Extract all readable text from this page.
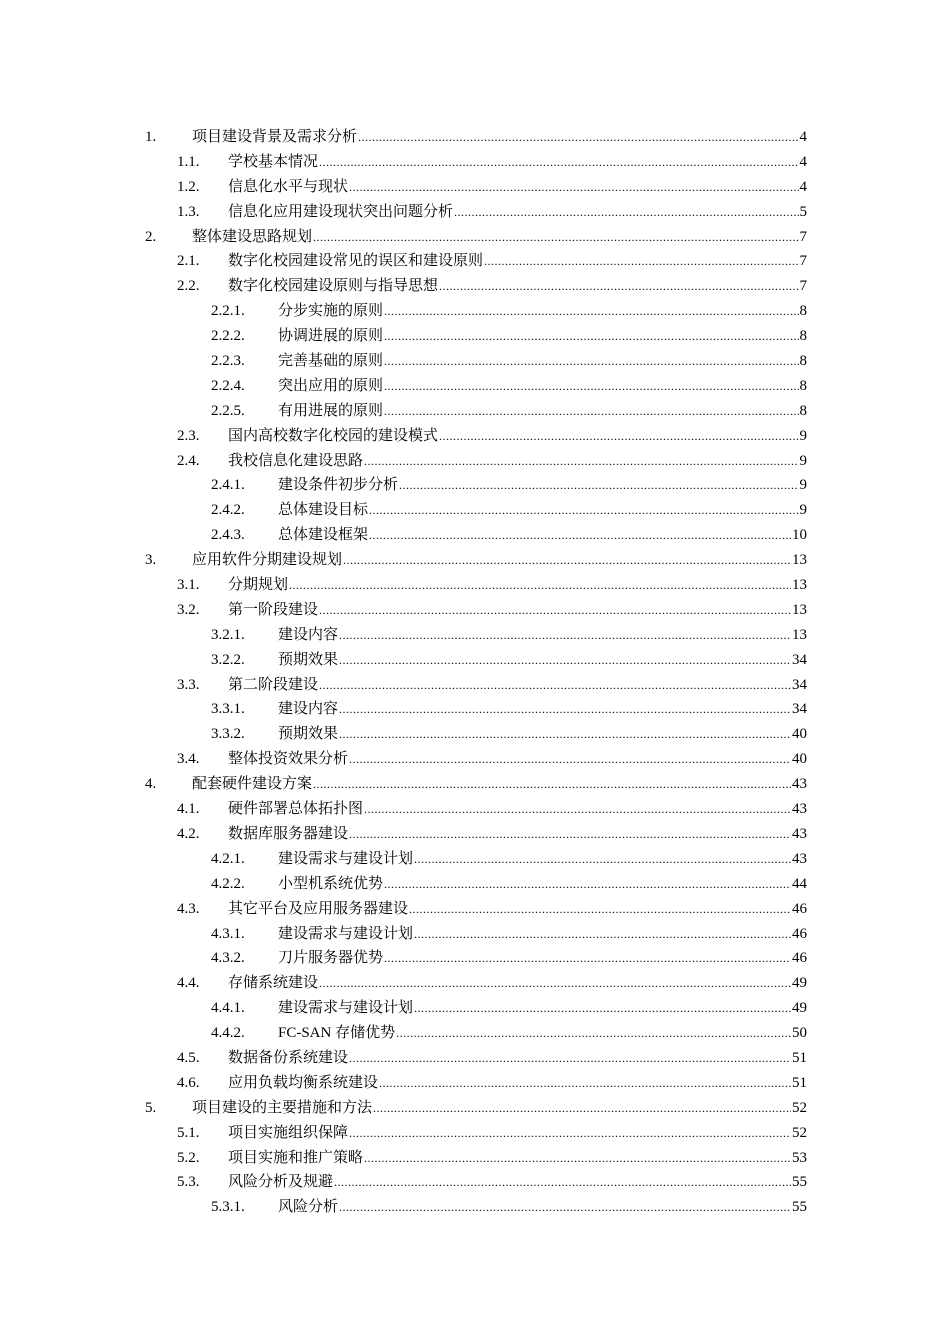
1.	项目建设背景及需求分析 .....	4
1.1.	学校基本情况 .....	4
1.2.	信息化水平与现状 .....	4
1.3.	信息化应用建设现状突出问题分析 .....	5
2.	整体建设思路规划 .....	7
2.1.	数字化校园建设常见的误区和建设原则 .....	7
2.2.	数字化校园建设原则与指导思想 .....	7
2.2.1.	分步实施的原则 .....	8
2.2.2.	协调进展的原则 .....	8
2.2.3.	完善基础的原则 .....	8
2.2.4.	突出应用的原则 .....	8
2.2.5.	有用进展的原则 .....	8
2.3.	国内高校数字化校园的建设模式 .....	9
2.4.	我校信息化建设思路 .....	9
2.4.1.	建设条件初步分析 .....	9
2.4.2.	总体建设目标 .....	9
2.4.3.	总体建设框架 .....	10
3.	应用软件分期建设规划 .....	13
3.1.	分期规划 .....	13
3.2.	第一阶段建设 .....	13
3.2.1.	建设内容 .....	13
3.2.2.	预期效果 .....	34
3.3.	第二阶段建设 .....	34
3.3.1.	建设内容 .....	34
3.3.2.	预期效果 .....	40
3.4.	整体投资效果分析 .....	40
4.	配套硬件建设方案 .....	43
4.1.	硬件部署总体拓扑图 .....	43
4.2.	数据库服务器建设 .....	43
4.2.1.	建设需求与建设计划 .....	43
4.2.2.	小型机系统优势 .....	44
4.3.	其它平台及应用服务器建设 .....	46
4.3.1.	建设需求与建设计划 .....	46
4.3.2.	刀片服务器优势 .....	46
4.4.	存储系统建设 .....	49
4.4.1.	建设需求与建设计划 .....	49
4.4.2.	FC-SAN 存储优势 .....	50
4.5.	数据备份系统建设 .....	51
4.6.	应用负载均衡系统建设 .....	51
5.	项目建设的主要措施和方法 .....	52
5.1.	项目实施组织保障 .....	52
5.2.	项目实施和推广策略 .....	53
5.3.	风险分析及规避 .....	55
5.3.1.	风险分析 .....	55
